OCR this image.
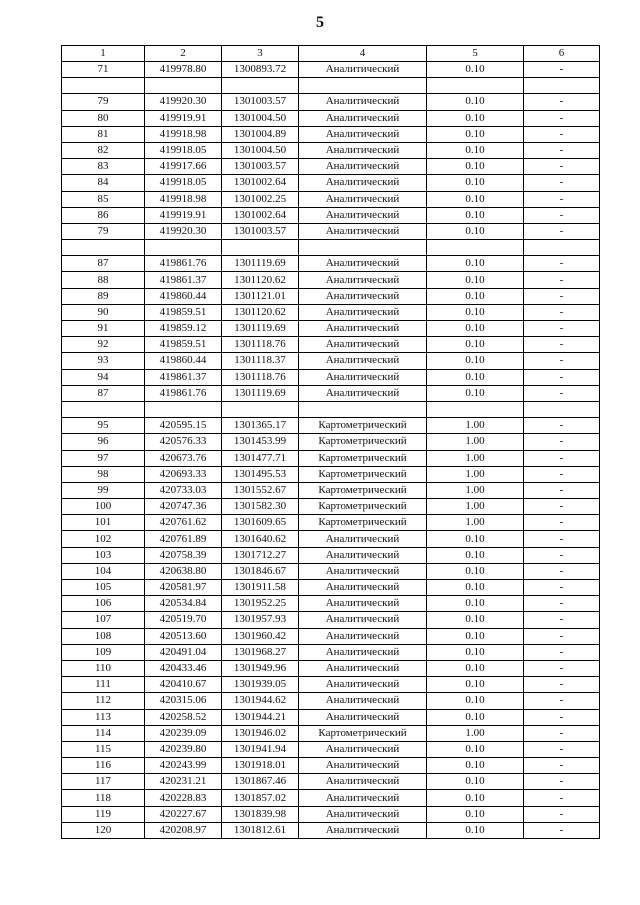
5
1	2	3	4	5	6
71	419978.80	1300893.72	Аналитический	0.10	-

79	419920.30	1301003.57	Аналитический	0.10	-
80	419919.91	1301004.50	Аналитический	0.10	-
81	419918.98	1301004.89	Аналитический	0.10	-
82	419918.05	1301004.50	Аналитический	0.10	-
83	419917.66	1301003.57	Аналитический	0.10	-
84	419918.05	1301002.64	Аналитический	0.10	-
85	419918.98	1301002.25	Аналитический	0.10	-
86	419919.91	1301002.64	Аналитический	0.10	-
79	419920.30	1301003.57	Аналитический	0.10	-

87	419861.76	1301119.69	Аналитический	0.10	-
88	419861.37	1301120.62	Аналитический	0.10	-
89	419860.44	1301121.01	Аналитический	0.10	-
90	419859.51	1301120.62	Аналитический	0.10	-
91	419859.12	1301119.69	Аналитический	0.10	-
92	419859.51	1301118.76	Аналитический	0.10	-
93	419860.44	1301118.37	Аналитический	0.10	-
94	419861.37	1301118.76	Аналитический	0.10	-
87	419861.76	1301119.69	Аналитический	0.10	-

95	420595.15	1301365.17	Картометрический	1.00	-
96	420576.33	1301453.99	Картометрический	1.00	-
97	420673.76	1301477.71	Картометрический	1.00	-
98	420693.33	1301495.53	Картометрический	1.00	-
99	420733.03	1301552.67	Картометрический	1.00	-
100	420747.36	1301582.30	Картометрический	1.00	-
101	420761.62	1301609.65	Картометрический	1.00	-
102	420761.89	1301640.62	Аналитический	0.10	-
103	420758.39	1301712.27	Аналитический	0.10	-
104	420638.80	1301846.67	Аналитический	0.10	-
105	420581.97	1301911.58	Аналитический	0.10	-
106	420534.84	1301952.25	Аналитический	0.10	-
107	420519.70	1301957.93	Аналитический	0.10	-
108	420513.60	1301960.42	Аналитический	0.10	-
109	420491.04	1301968.27	Аналитический	0.10	-
110	420433.46	1301949.96	Аналитический	0.10	-
111	420410.67	1301939.05	Аналитический	0.10	-
112	420315.06	1301944.62	Аналитический	0.10	-
113	420258.52	1301944.21	Аналитический	0.10	-
114	420239.09	1301946.02	Картометрический	1.00	-
115	420239.80	1301941.94	Аналитический	0.10	-
116	420243.99	1301918.01	Аналитический	0.10	-
117	420231.21	1301867.46	Аналитический	0.10	-
118	420228.83	1301857.02	Аналитический	0.10	-
119	420227.67	1301839.98	Аналитический	0.10	-
120	420208.97	1301812.61	Аналитический	0.10	-
